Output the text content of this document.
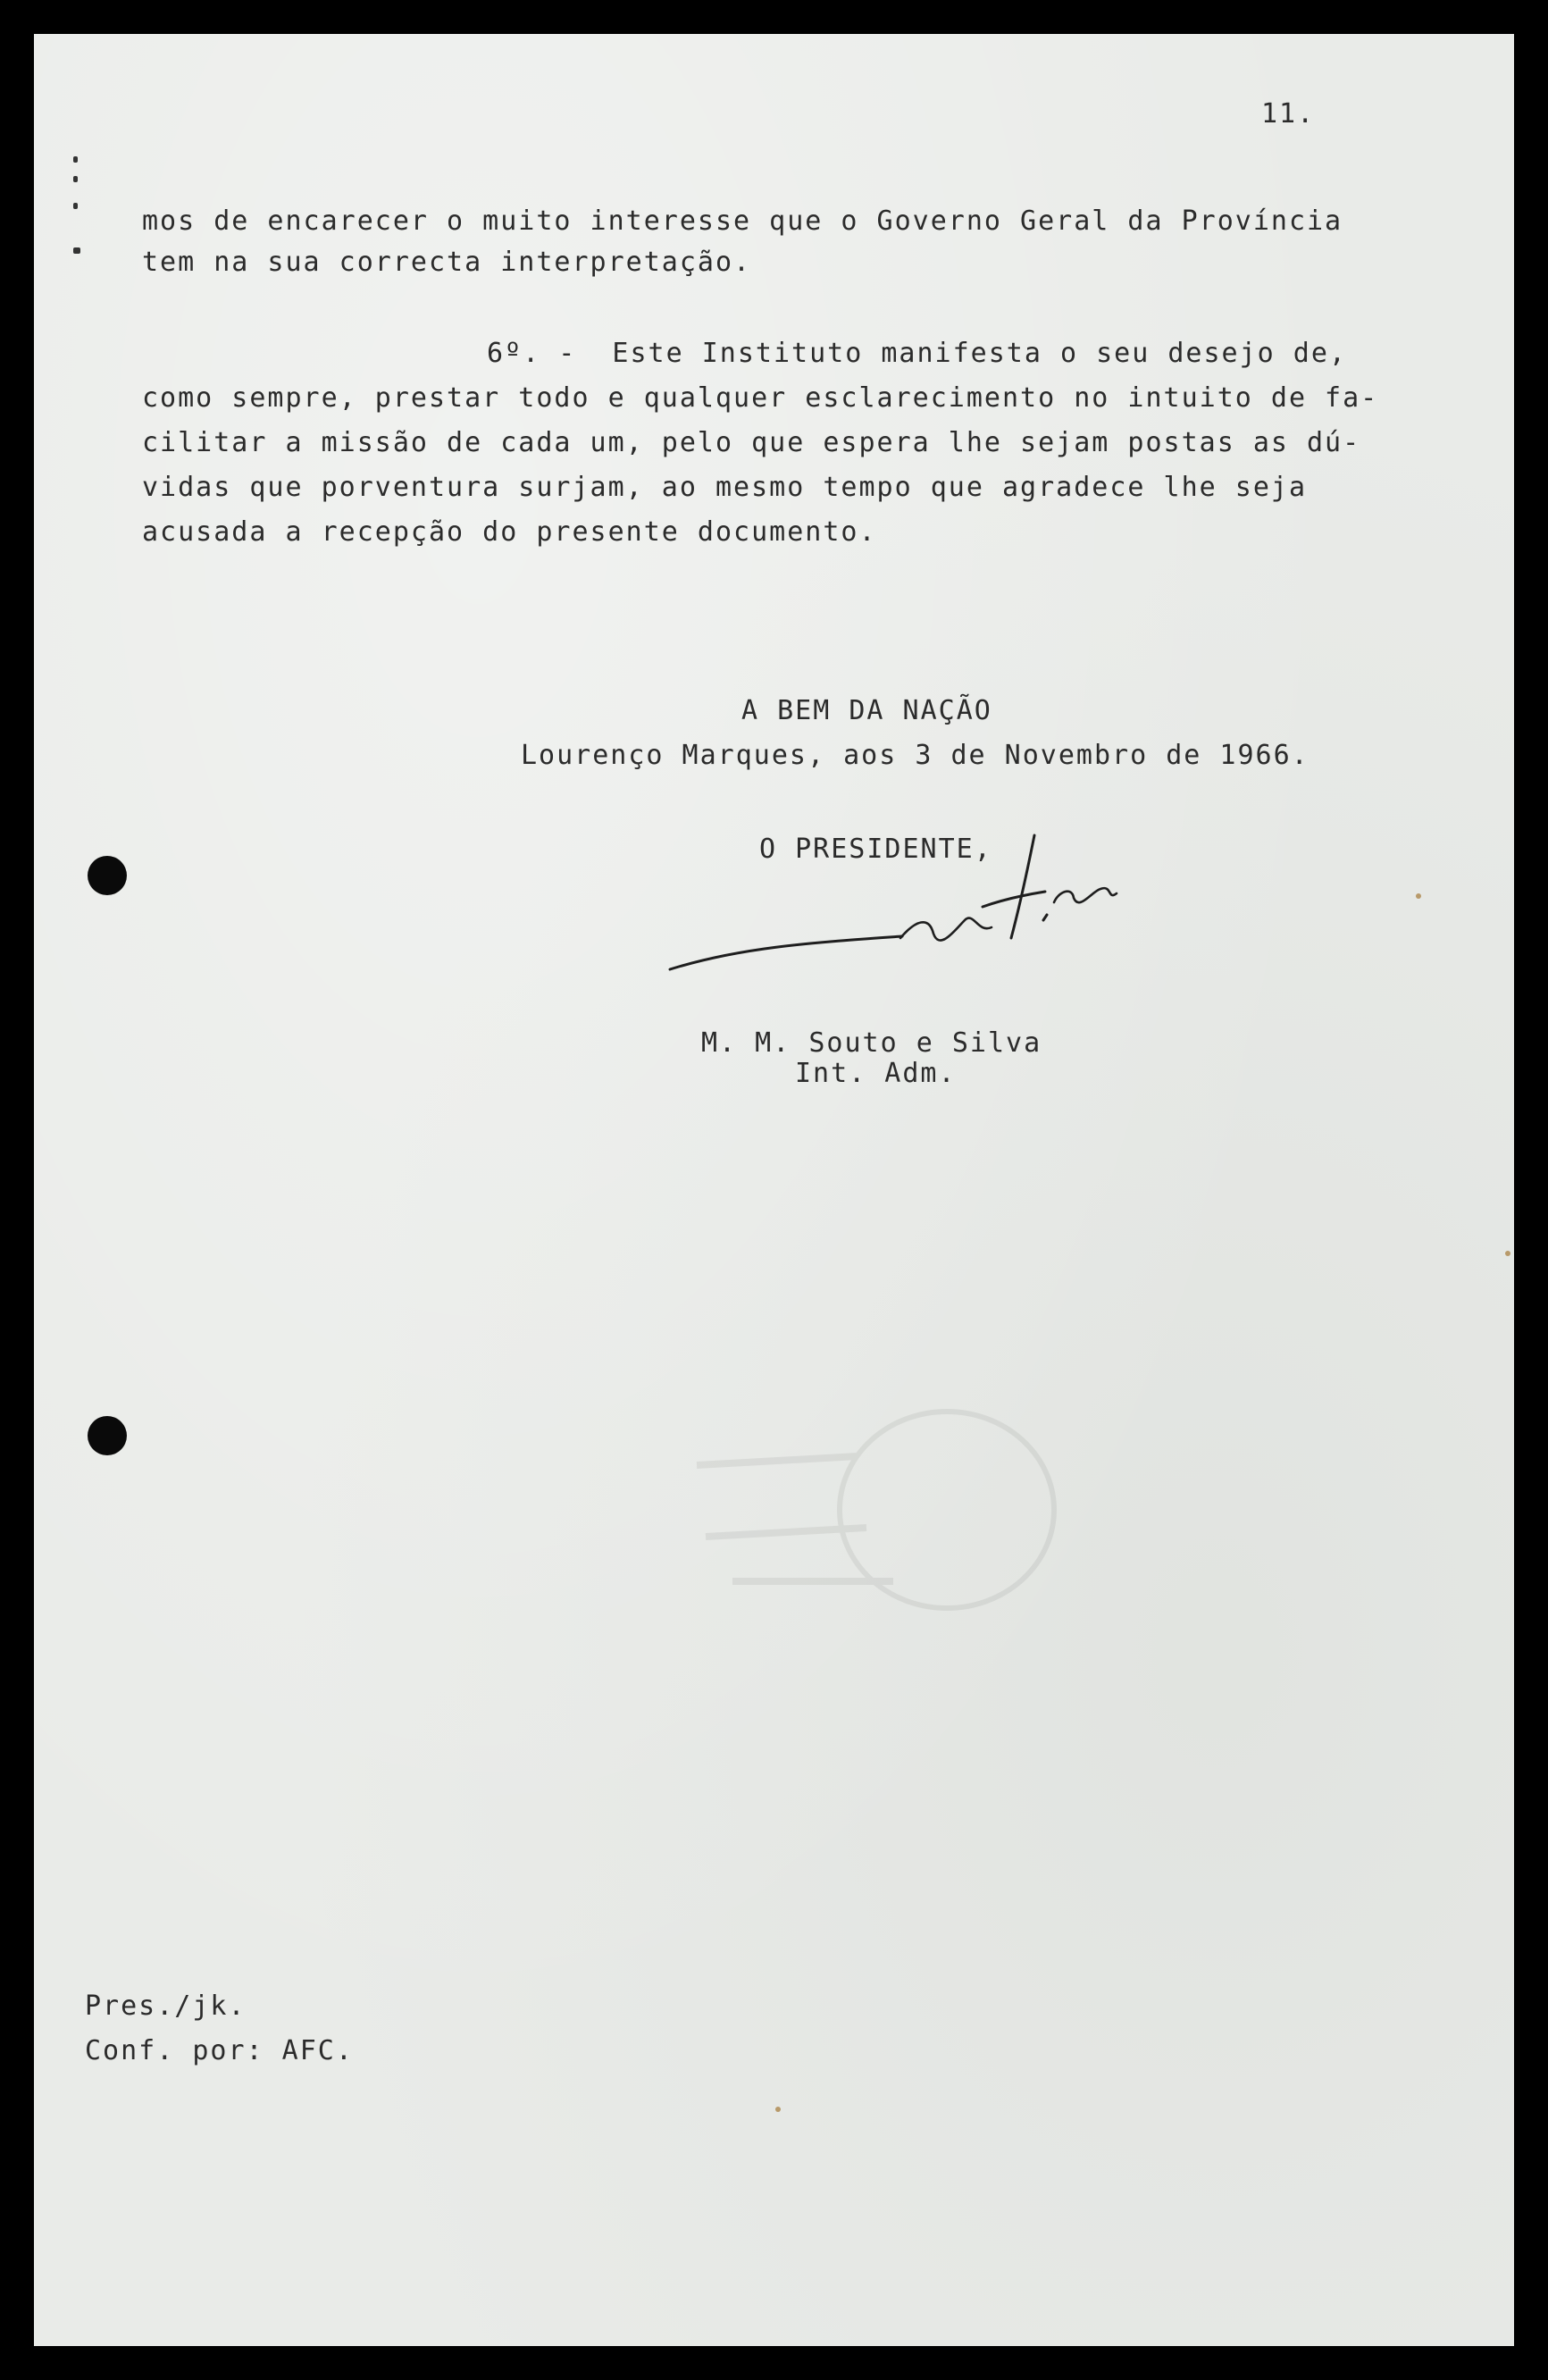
11.
mos de encarecer o muito interesse que o Governo Geral da Província
tem na sua correcta interpretação.
6º. -  Este Instituto manifesta o seu desejo de,
como sempre, prestar todo e qualquer esclarecimento no intuito de fa-
cilitar a missão de cada um, pelo que espera lhe sejam postas as dú-
vidas que porventura surjam, ao mesmo tempo que agradece lhe seja
acusada a recepção do presente documento.
A BEM DA NAÇÃO
Lourenço Marques, aos 3 de Novembro de 1966.
O PRESIDENTE,
M. M. Souto e Silva
Int. Adm.
Pres./jk.
Conf. por: AFC.
